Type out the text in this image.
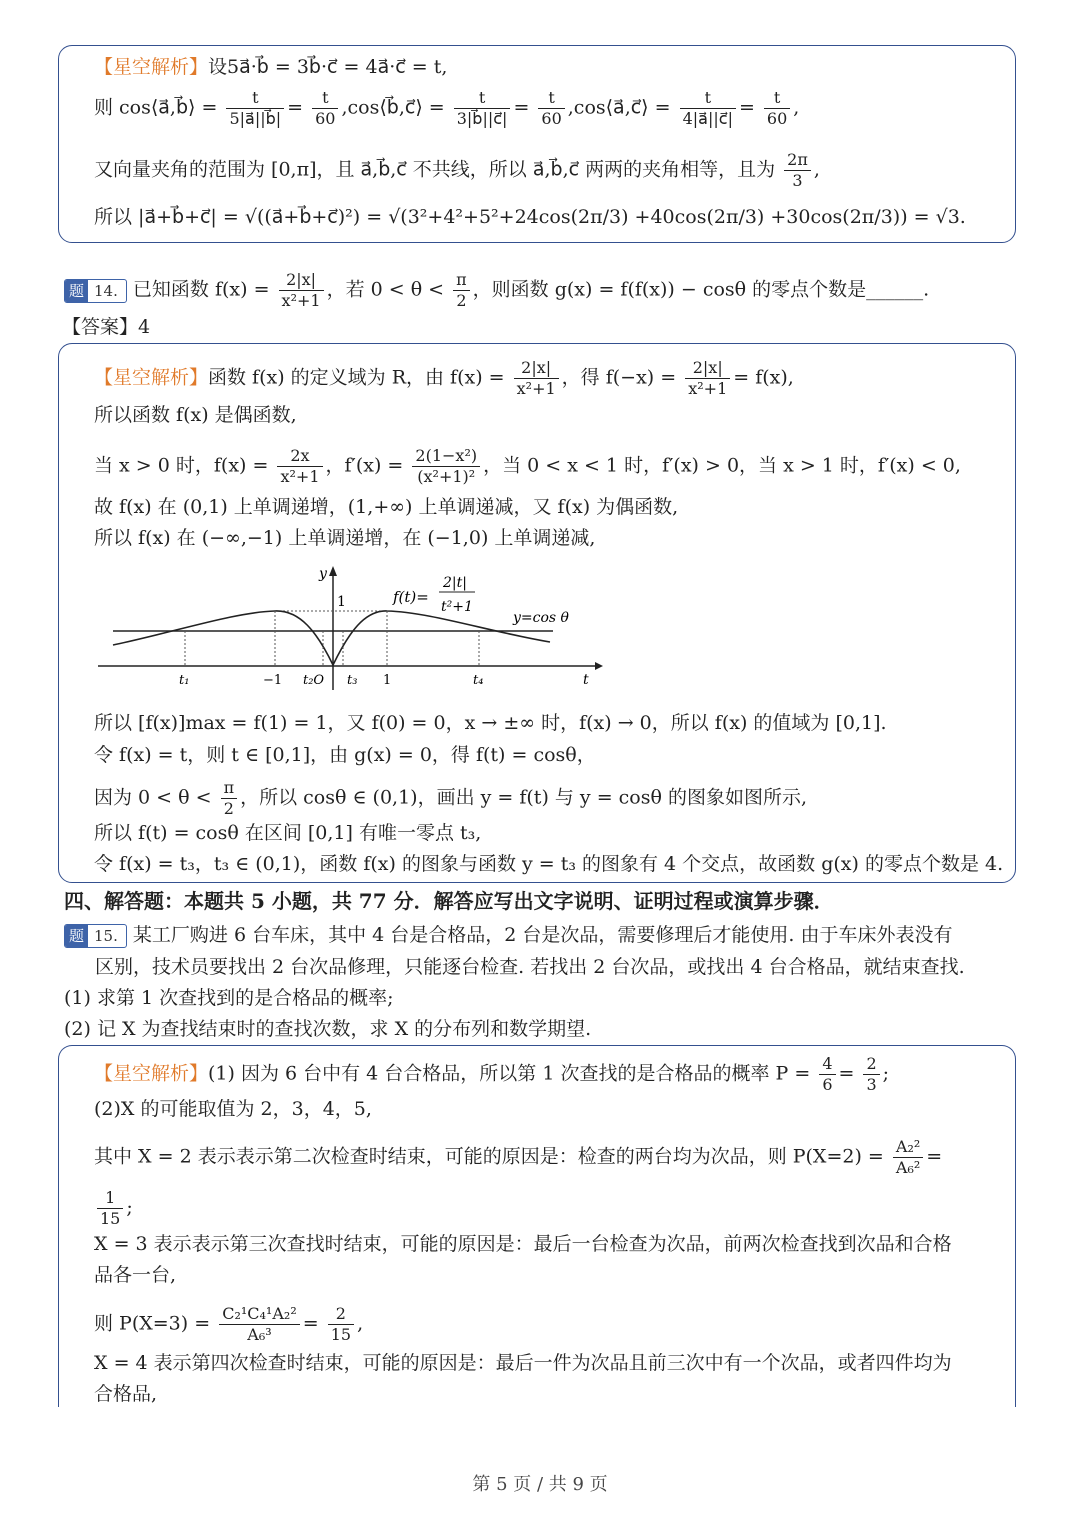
【星空解析】设5a⃗·b⃗ = 3b⃗·c⃗ = 4a⃗·c⃗ = t,
则 cos⟨a⃗,b⃗⟩ = $\frac{t}{5|a⃗||b⃗|} = \frac{t}{60}$ ,cos⟨b⃗,c⃗⟩ = $\frac{t}{3|b⃗||c⃗|} = \frac{t}{60}$ ,cos⟨a⃗,c⃗⟩ = $\frac{t}{4|a⃗||c⃗|} = \frac{t}{60}$ ,
又向量夹角的范围为 [0,π]，且 a⃗,b⃗,c⃗ 不共线，所以 a⃗,b⃗,c⃗ 两两的夹角相等，且为 $\frac{2\pi}{3}$ ,
所以 |a⃗+b⃗+c⃗| = √((a⃗+b⃗+c⃗)²) = √(3²+4²+5²+24cos(2π/3) +40cos(2π/3) +30cos(2π/3)) = √3.
题 14. 已知函数 $f(x) = \frac{2|x|}{\text{x²+1}}$ ，若 $0 < \theta < \frac{\pi}{2}$ ，则函数 g(x) = f(f(x)) − cosθ 的零点个数是______.
【答案】4
【星空解析】函数 f(x) 的定义域为 R，由 $f(x) = \frac{2|x|}{\text{x²+1}}$ ，得 $f(-x) = \frac{2|x|}{\text{x²+1}} = f(x)$,
所以函数 f(x) 是偶函数,
当 x > 0 时，$f(x) = \frac{2x}{\text{x²+1}}$ ，$f'(x) = \frac{\text{2(1−x²)}}{\text{(x²+1)²}}$ ，当 0 < x < 1 时，f′(x) > 0，当 x > 1 时，f′(x) < 0,
故 f(x) 在 (0,1) 上单调递增，(1,+∞) 上单调递减，又 f(x) 为偶函数,
所以 f(x) 在 (−∞,−1) 上单调递增，在 (−1,0) 上单调递减,
y
t
1
t₁	−1 t₂O t₃ 1	t₄
f(t)=
2|t|
t²+1
y=cos θ
所以 [f(x)]max = f(1) = 1，又 f(0) = 0，x → ±∞ 时，f(x) → 0，所以 f(x) 的值域为 [0,1].
令 f(x) = t，则 t ∈ [0,1]，由 g(x) = 0，得 f(t) = cosθ，
因为 $0 < \theta < \frac{\pi}{2}$ ，所以 cosθ ∈ (0,1)，画出 y = f(t) 与 y = cosθ 的图象如图所示,
所以 f(t) = cosθ 在区间 [0,1] 有唯一零点 t₃,
令 f(x) = t₃，t₃ ∈ (0,1)，函数 f(x) 的图象与函数 y = t₃ 的图象有 4 个交点，故函数 g(x) 的零点个数是 4.
四、解答题：本题共 5 小题，共 77 分．解答应写出文字说明、证明过程或演算步骤．
题 15. 某工厂购进 6 台车床，其中 4 台是合格品，2 台是次品，需要修理后才能使用. 由于车床外表没有
区别，技术员要找出 2 台次品修理，只能逐台检查. 若找出 2 台次品，或找出 4 台合格品，就结束查找.
(1) 求第 1 次查找到的是合格品的概率;
(2) 记 X 为查找结束时的查找次数，求 X 的分布列和数学期望.
【星空解析】(1) 因为 6 台中有 4 台合格品，所以第 1 次查找的是合格品的概率 $P = \frac{4}{6} = \frac{2}{3}$ ;
(2)X 的可能取值为 2，3，4，5,
其中 X = 2 表示表示第二次检查时结束，可能的原因是：检查的两台均为次品，则 $P(X=2) = \frac{\text{A₂²}}{\text{A₆²}}$ =
$\frac{1}{15}$ ;
X = 3 表示表示第三次查找时结束，可能的原因是：最后一台检查为次品，前两次检查找到次品和合格
品各一台,
则 $P(X=3) = \frac{\text{C₂¹C₄¹A₂²}}{\text{A₆³}} = \frac{2}{15}$ ,
X = 4 表示第四次检查时结束，可能的原因是：最后一件为次品且前三次中有一个次品，或者四件均为
合格品,
第 5 页 / 共 9 页
